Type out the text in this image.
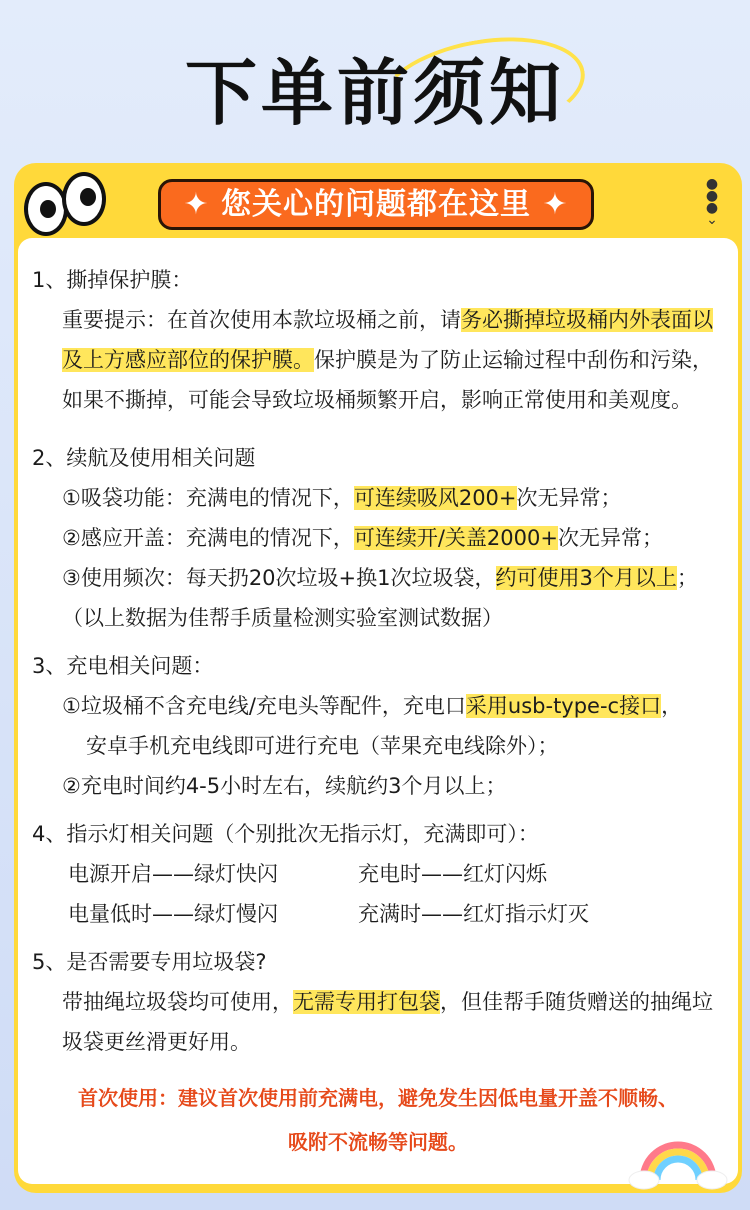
下单前须知
✦ 您关心的问题都在这里 ✦
●
●
●
⌄
1、撕掉保护膜：
重要提示：在首次使用本款垃圾桶之前，请务必撕掉垃圾桶内外表面以及上方感应部位的保护膜。保护膜是为了防止运输过程中刮伤和污染，如果不撕掉，可能会导致垃圾桶频繁开启，影响正常使用和美观度。
2、续航及使用相关问题
①吸袋功能：充满电的情况下，可连续吸风200+次无异常；
②感应开盖：充满电的情况下，可连续开/关盖2000+次无异常；
③使用频次：每天扔20次垃圾+换1次垃圾袋，约可使用3个月以上；
（以上数据为佳帮手质量检测实验室测试数据）
3、充电相关问题：
①垃圾桶不含充电线/充电头等配件，充电口采用usb-type-c接口，
安卓手机充电线即可进行充电（苹果充电线除外）；
②充电时间约4-5小时左右，续航约3个月以上；
4、指示灯相关问题（个别批次无指示灯，充满即可）：
电源开启——绿灯快闪	充电时——红灯闪烁
电量低时——绿灯慢闪	充满时——红灯指示灯灭
5、是否需要专用垃圾袋?
带抽绳垃圾袋均可使用，无需专用打包袋，但佳帮手随货赠送的抽绳垃圾袋更丝滑更好用。
首次使用：建议首次使用前充满电，避免发生因低电量开盖不顺畅、
吸附不流畅等问题。
